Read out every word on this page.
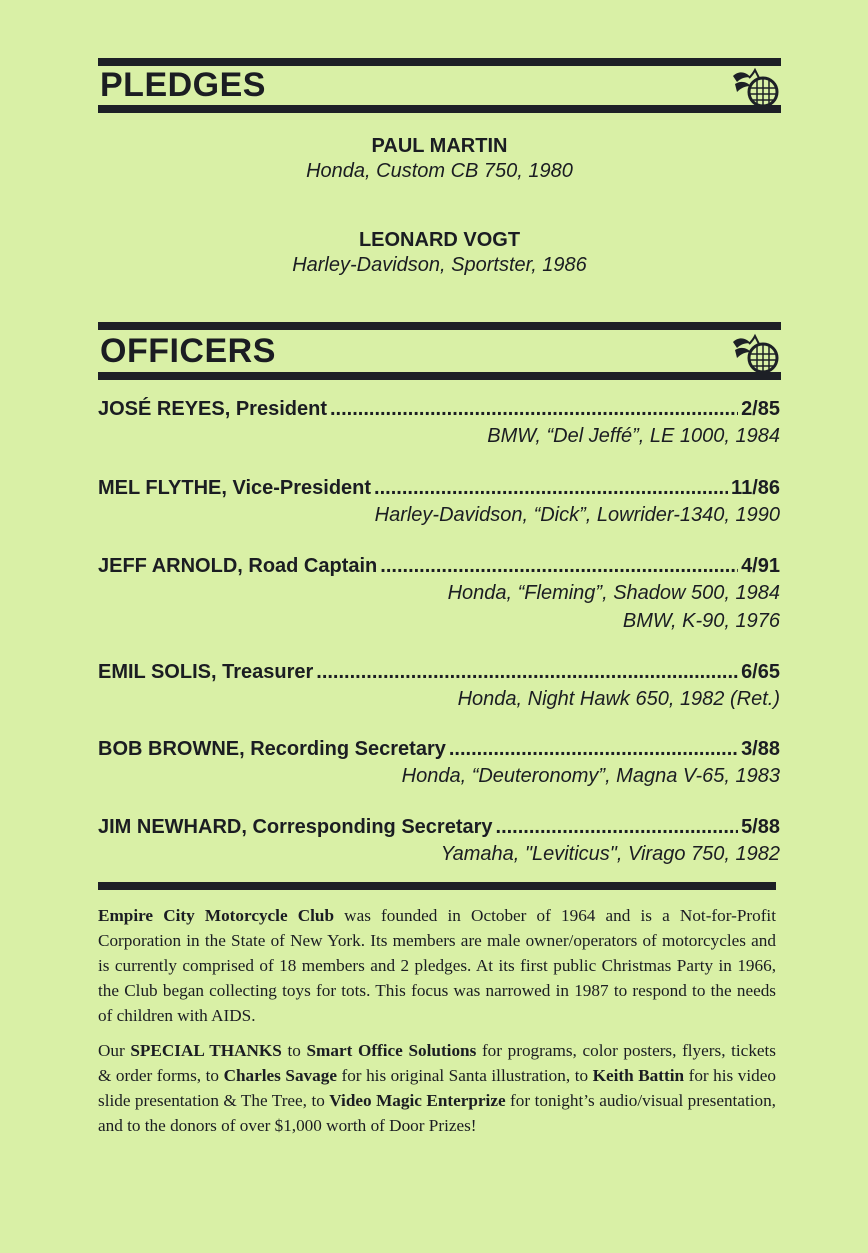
PLEDGES
PAUL MARTIN
Honda, Custom CB 750, 1980
LEONARD VOGT
Harley-Davidson, Sportster, 1986
OFFICERS
JOSÉ REYES, President .....	2/85
BMW, “Del Jeffé”, LE 1000, 1984
MEL FLYTHE, Vice-President .....	11/86
Harley-Davidson, “Dick”, Lowrider-1340, 1990
JEFF ARNOLD, Road Captain .....	4/91
Honda, “Fleming”, Shadow 500, 1984
BMW, K-90, 1976
EMIL SOLIS, Treasurer .....	6/65
Honda, Night Hawk 650, 1982 (Ret.)
BOB BROWNE, Recording Secretary .....	3/88
Honda, “Deuteronomy”, Magna V-65, 1983
JIM NEWHARD, Corresponding Secretary .....	5/88
Yamaha, "Leviticus", Virago 750, 1982
Empire City Motorcycle Club was founded in October of 1964 and is a Not-for-Profit Corporation in the State of New York. Its members are male owner/operators of motorcycles and is currently comprised of 18 members and 2 pledges. At its first public Christmas Party in 1966, the Club began collecting toys for tots. This focus was narrowed in 1987 to respond to the needs of children with AIDS.
Our SPECIAL THANKS to Smart Office Solutions for programs, color posters, flyers, tickets & order forms, to Charles Savage for his original Santa illustration, to Keith Battin for his video slide presentation & The Tree, to Video Magic Enterprize for tonight’s audio/visual presentation, and to the donors of over $1,000 worth of Door Prizes!
